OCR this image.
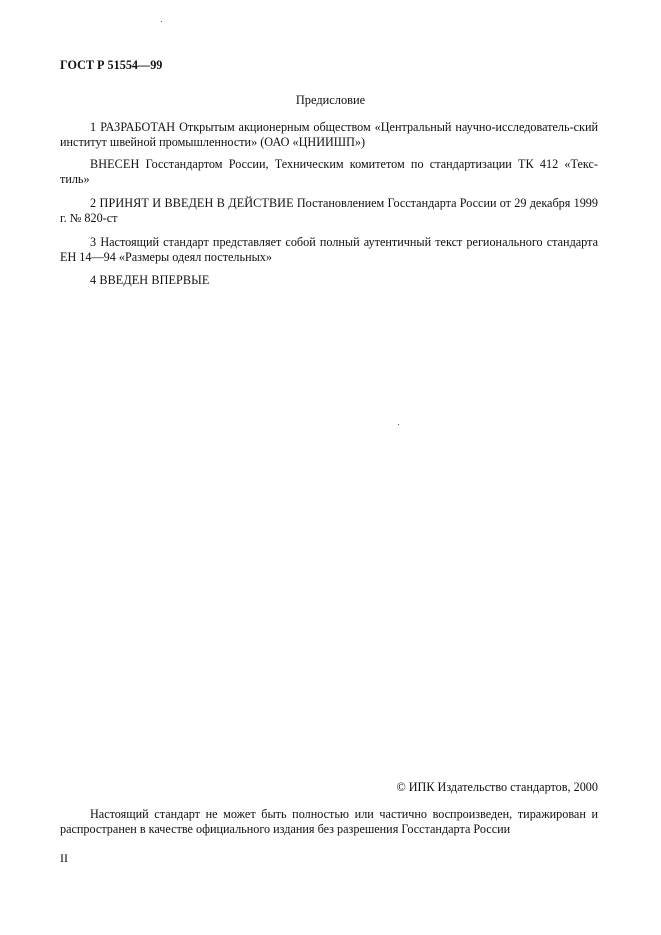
ГОСТ Р 51554—99
Предисловие
1 РАЗРАБОТАН Открытым акционерным обществом «Центральный научно-исследователь-ский институт швейной промышленности» (ОАО «ЦНИИШП»)
ВНЕСЕН Госстандартом России, Техническим комитетом по стандартизации ТК 412 «Текс-тиль»
2 ПРИНЯТ И ВВЕДЕН В ДЕЙСТВИЕ Постановлением Госстандарта России от 29 декабря 1999 г. № 820-ст
3 Настоящий стандарт представляет собой полный аутентичный текст регионального стандарта ЕН 14—94 «Размеры одеял постельных»
4 ВВЕДЕН ВПЕРВЫЕ
© ИПК Издательство стандартов, 2000
Настоящий стандарт не может быть полностью или частично воспроизведен, тиражирован и распространен в качестве официального издания без разрешения Госстандарта России
II
